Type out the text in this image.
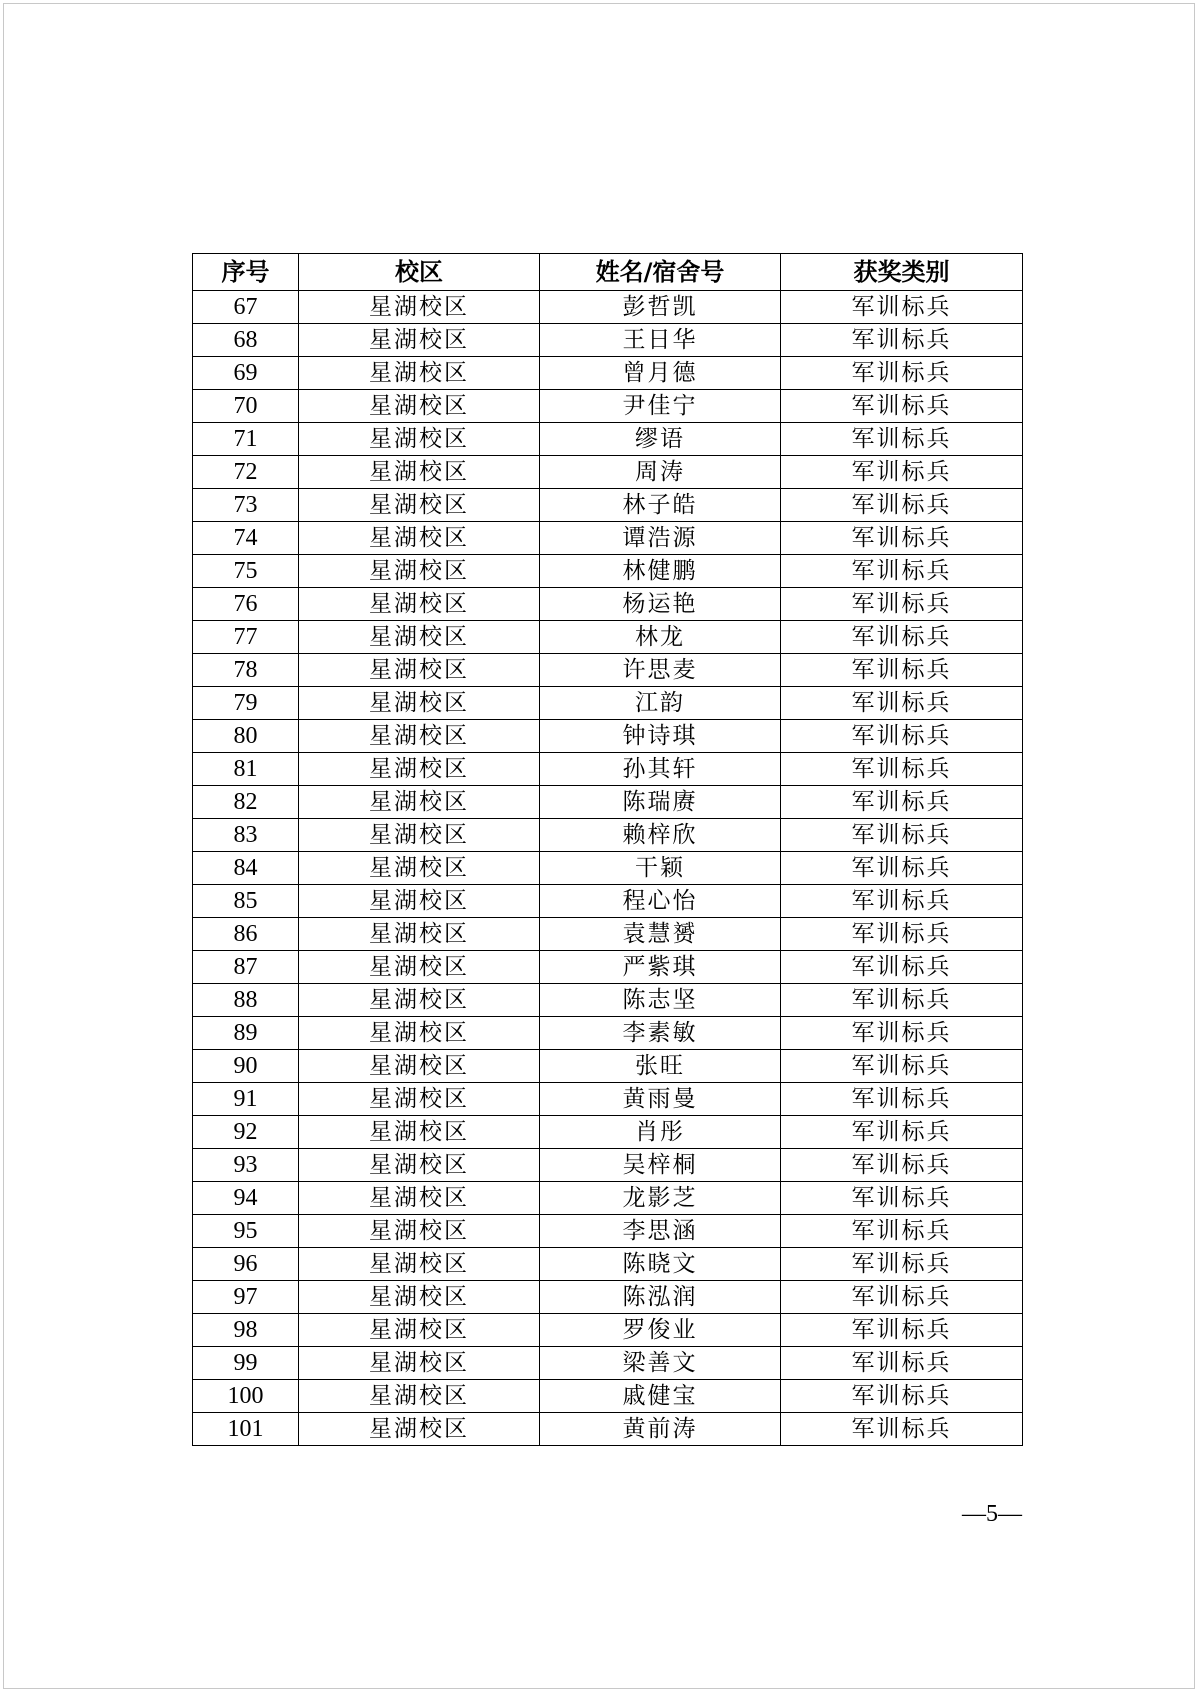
序号	校区	姓名/宿舍号	获奖类别
67	星湖校区	彭哲凯	军训标兵
68	星湖校区	王日华	军训标兵
69	星湖校区	曾月德	军训标兵
70	星湖校区	尹佳宁	军训标兵
71	星湖校区	缪语	军训标兵
72	星湖校区	周涛	军训标兵
73	星湖校区	林子皓	军训标兵
74	星湖校区	谭浩源	军训标兵
75	星湖校区	林健鹏	军训标兵
76	星湖校区	杨运艳	军训标兵
77	星湖校区	林龙	军训标兵
78	星湖校区	许思麦	军训标兵
79	星湖校区	江韵	军训标兵
80	星湖校区	钟诗琪	军训标兵
81	星湖校区	孙其轩	军训标兵
82	星湖校区	陈瑞赓	军训标兵
83	星湖校区	赖梓欣	军训标兵
84	星湖校区	干颖	军训标兵
85	星湖校区	程心怡	军训标兵
86	星湖校区	袁慧赟	军训标兵
87	星湖校区	严紫琪	军训标兵
88	星湖校区	陈志坚	军训标兵
89	星湖校区	李素敏	军训标兵
90	星湖校区	张旺	军训标兵
91	星湖校区	黄雨曼	军训标兵
92	星湖校区	肖彤	军训标兵
93	星湖校区	吴梓桐	军训标兵
94	星湖校区	龙影芝	军训标兵
95	星湖校区	李思涵	军训标兵
96	星湖校区	陈晓文	军训标兵
97	星湖校区	陈泓润	军训标兵
98	星湖校区	罗俊业	军训标兵
99	星湖校区	梁善文	军训标兵
100	星湖校区	戚健宝	军训标兵
101	星湖校区	黄前涛	军训标兵
—5—
